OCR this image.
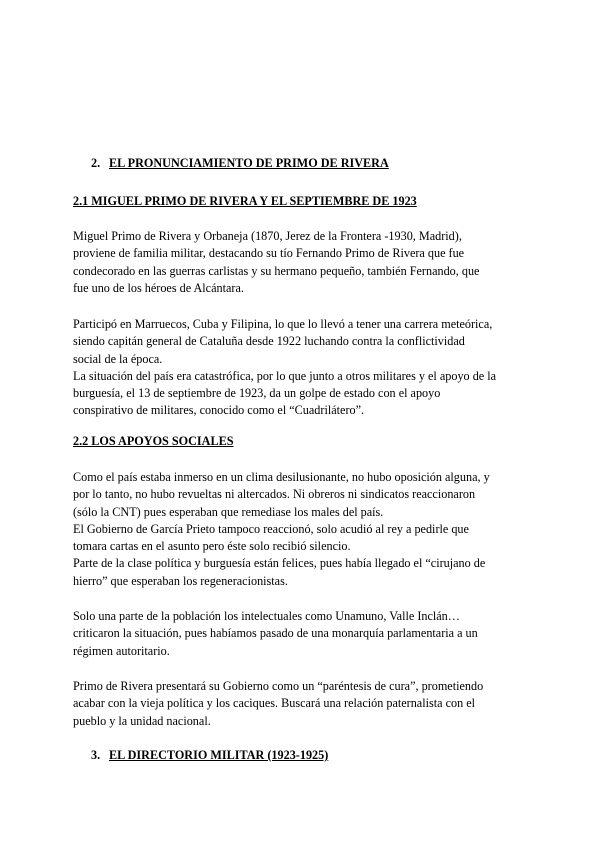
2. EL PRONUNCIAMIENTO DE PRIMO DE RIVERA
2.1 MIGUEL PRIMO DE RIVERA Y EL SEPTIEMBRE DE 1923
Miguel Primo de Rivera y Orbaneja (1870, Jerez de la Frontera -1930, Madrid),
proviene de familia militar, destacando su tío Fernando Primo de Rivera que fue
condecorado en las guerras carlistas y su hermano pequeño, también Fernando, que
fue uno de los héroes de Alcántara.
Participó en Marruecos, Cuba y Filipina, lo que lo llevó a tener una carrera meteórica,
siendo capitán general de Cataluña desde 1922 luchando contra la conflictividad
social de la época.
La situación del país era catastrófica, por lo que junto a otros militares y el apoyo de la
burguesía, el 13 de septiembre de 1923, da un golpe de estado con el apoyo
conspirativo de militares, conocido como el “Cuadrilátero”.
2.2 LOS APOYOS SOCIALES
Como el país estaba inmerso en un clima desilusionante, no hubo oposición alguna, y
por lo tanto, no hubo revueltas ni altercados. Ni obreros ni sindicatos reaccionaron
(sólo la CNT) pues esperaban que remediase los males del país.
El Gobierno de García Prieto tampoco reaccionó, solo acudió al rey a pedirle que
tomara cartas en el asunto pero éste solo recibió silencio.
Parte de la clase política y burguesía están felices, pues había llegado el “cirujano de
hierro” que esperaban los regeneracionistas.
Solo una parte de la población los intelectuales como Unamuno, Valle Inclán…
criticaron la situación, pues habíamos pasado de una monarquía parlamentaria a un
régimen autoritario.
Primo de Rivera presentará su Gobierno como un “paréntesis de cura”, prometiendo
acabar con la vieja política y los caciques. Buscará una relación paternalista con el
pueblo y la unidad nacional.
3. EL DIRECTORIO MILITAR (1923-1925)
